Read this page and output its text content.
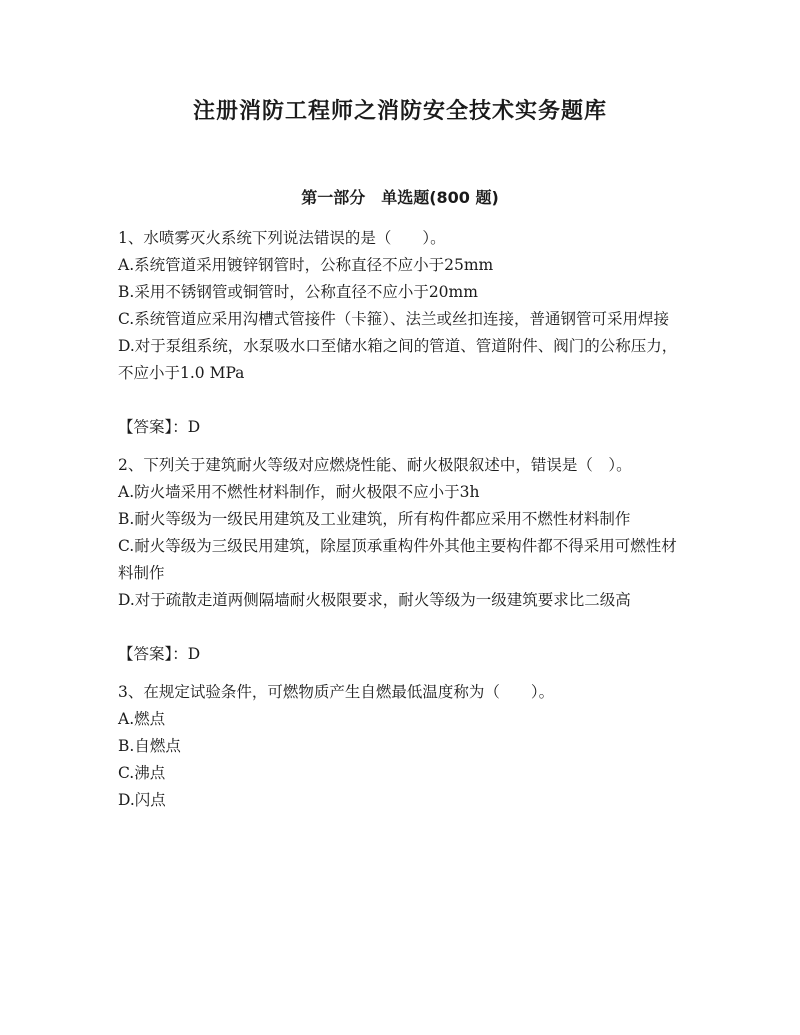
注册消防工程师之消防安全技术实务题库
第一部分　单选题(800 题)

1、水喷雾灭火系统下列说法错误的是（　　）。

A.系统管道采用镀锌钢管时，公称直径不应小于25mm

B.采用不锈钢管或铜管时，公称直径不应小于20mm

C.系统管道应采用沟槽式管接件（卡箍）、法兰或丝扣连接，普通钢管可采用焊接

D.对于泵组系统，水泵吸水口至储水箱之间的管道、管道附件、阀门的公称压力，不应小于1.0 MPa

【答案】：D

2、下列关于建筑耐火等级对应燃烧性能、耐火极限叙述中，错误是（　）。

A.防火墙采用不燃性材料制作，耐火极限不应小于3h

B.耐火等级为一级民用建筑及工业建筑，所有构件都应采用不燃性材料制作

C.耐火等级为三级民用建筑，除屋顶承重构件外其他主要构件都不得采用可燃性材料制作

D.对于疏散走道两侧隔墙耐火极限要求，耐火等级为一级建筑要求比二级高

【答案】：D

3、在规定试验条件，可燃物质产生自燃最低温度称为（　　）。

A.燃点

B.自燃点

C.沸点

D.闪点
